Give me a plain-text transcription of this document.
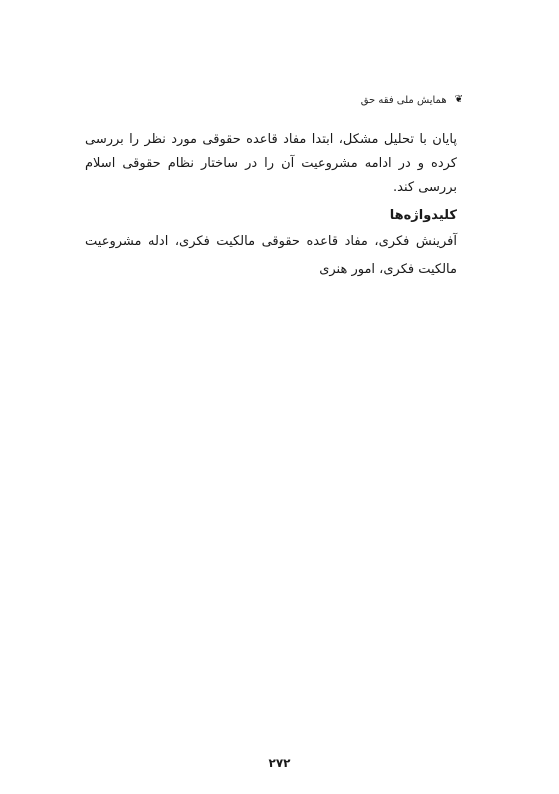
❦
ﻫﻤﺎﯾﺶ ﻣﻠﯽ ﻓﻘﻪ ﺣﻖ

پایان با تحلیل مشکل، ابتدا مفاد قاعده حقوقی مورد نظر را بررسی کرده و در ادامه مشروعیت آن را در ساختار نظام حقوقی اسلام بررسی کند.

کلیدواژه‌ها

آفرینش فکری، مفاد قاعده حقوقی مالکیت فکری، ادله مشروعیت مالکیت فکری، امور هنری

۲۷۲
